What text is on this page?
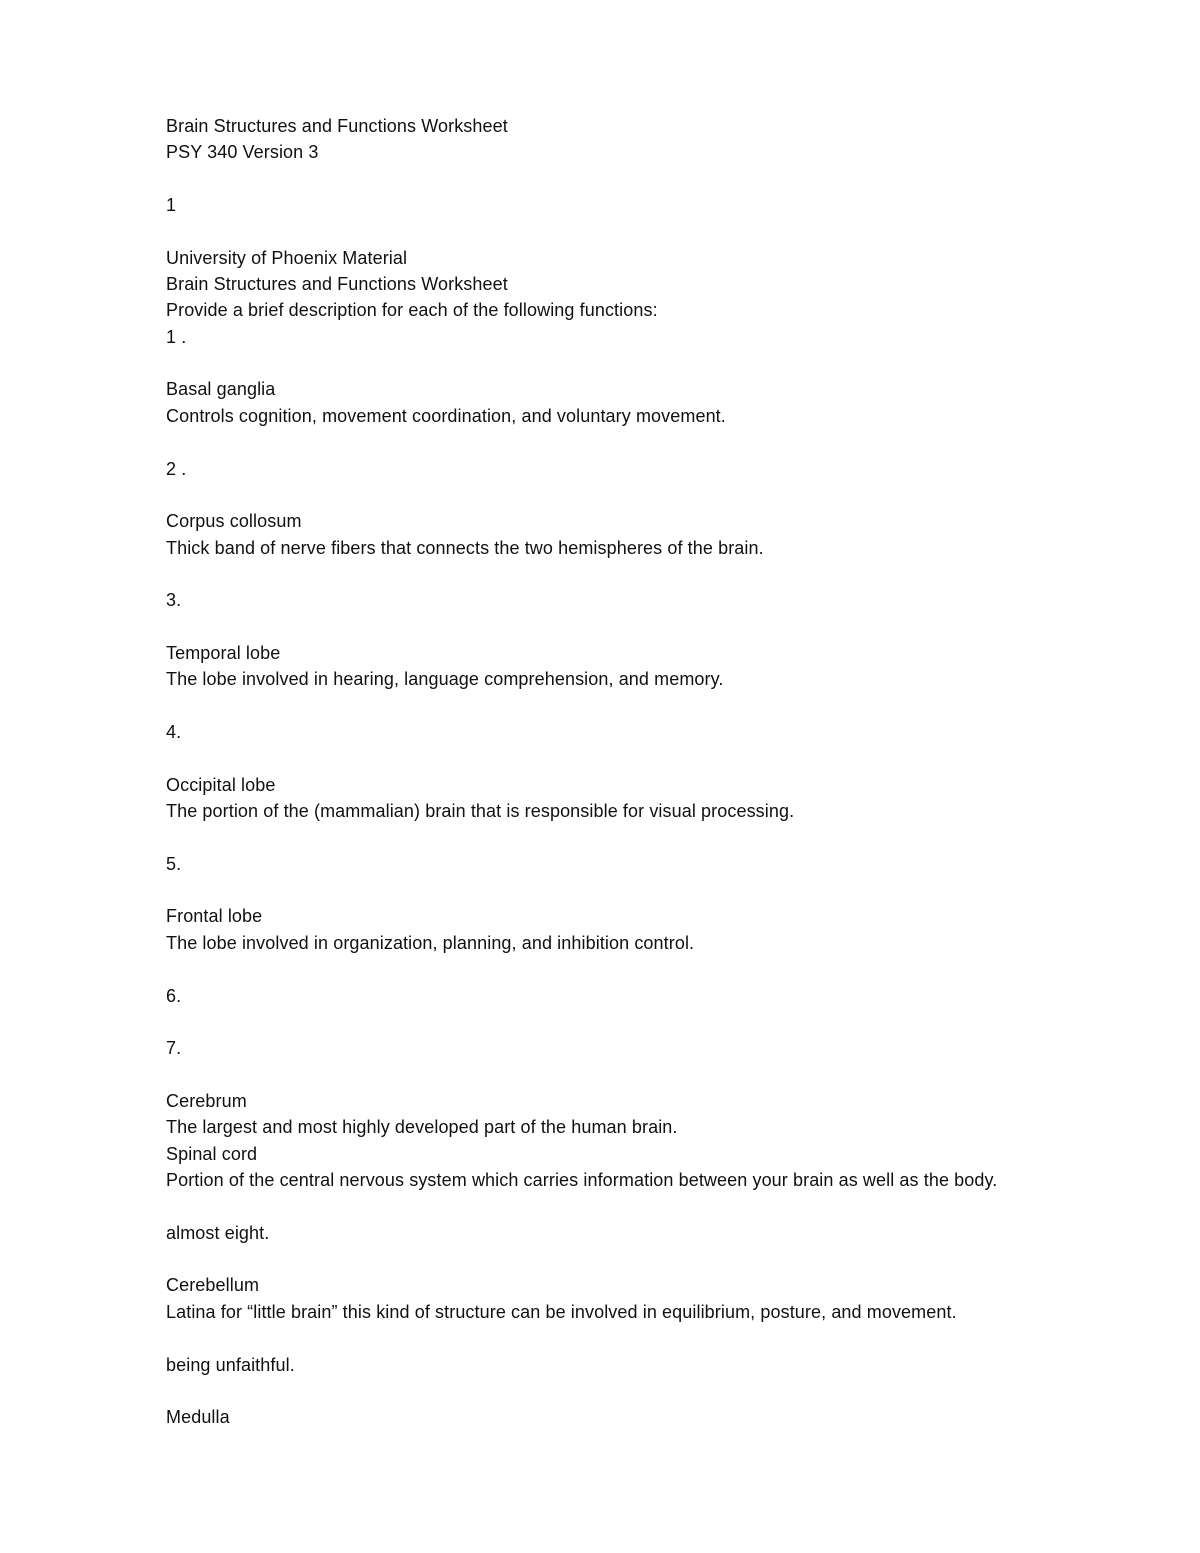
Brain Structures and Functions Worksheet
PSY 340 Version 3
1
University of Phoenix Material
Brain Structures and Functions Worksheet
Provide a brief description for each of the following functions:
1 .
Basal ganglia
Controls cognition, movement coordination, and voluntary movement.
2 .
Corpus collosum
Thick band of nerve fibers that connects the two hemispheres of the brain.
3.
Temporal lobe
The lobe involved in hearing, language comprehension, and memory.
4.
Occipital lobe
The portion of the (mammalian) brain that is responsible for visual processing.
5.
Frontal lobe
The lobe involved in organization, planning, and inhibition control.
6.
7.
Cerebrum
The largest and most highly developed part of the human brain.
Spinal cord
Portion of the central nervous system which carries information between your brain as well as the body.
almost eight.
Cerebellum
Latina for “little brain” this kind of structure can be involved in equilibrium, posture, and movement.
being unfaithful.
Medulla
